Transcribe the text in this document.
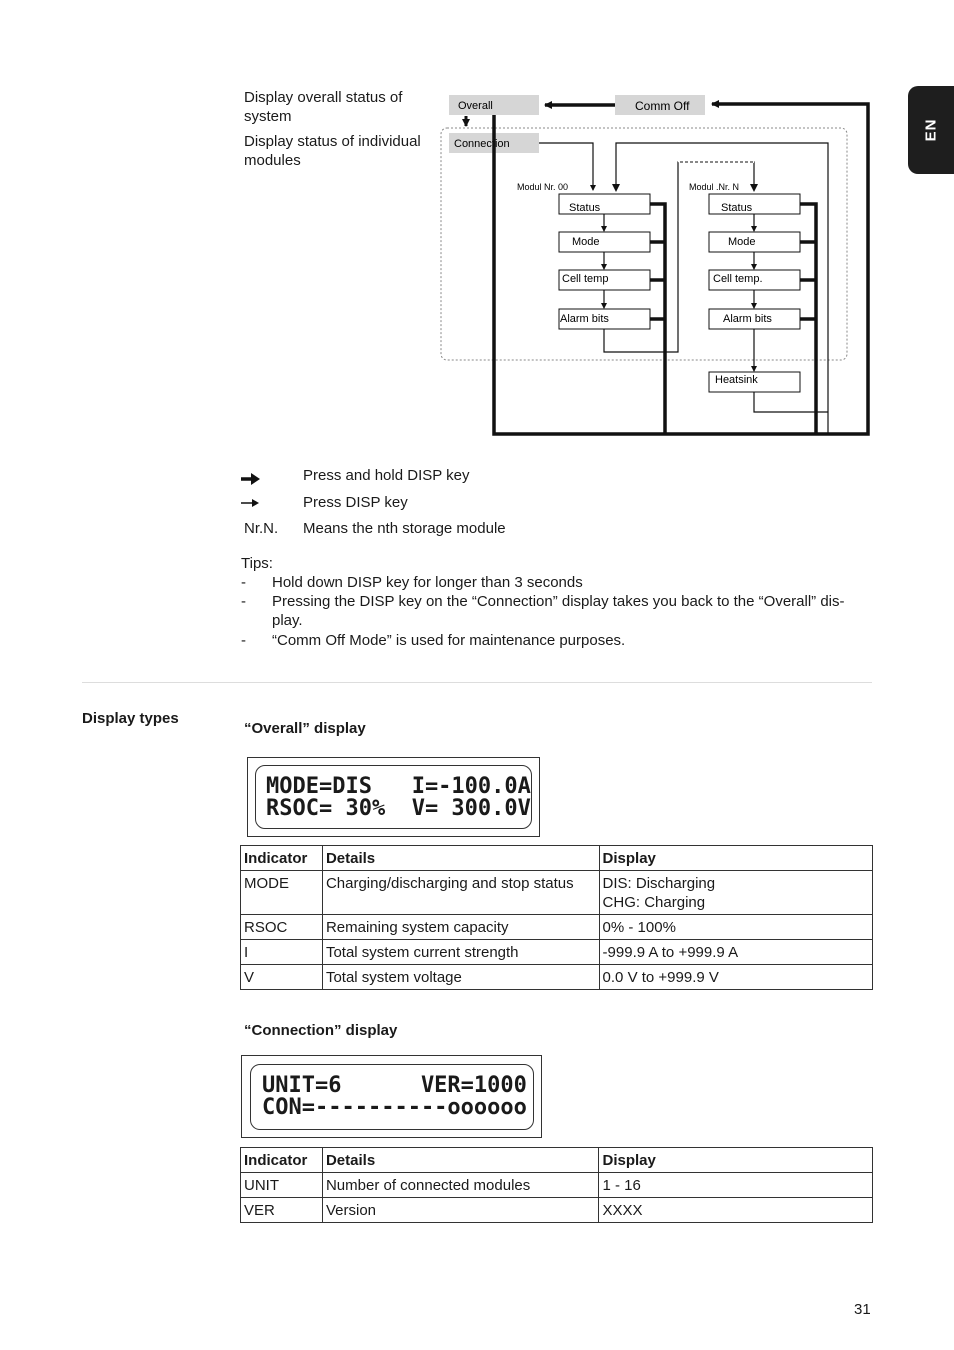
EN
Display overall status of system
Display status of individual modules
Overall	Comm Off
Connection
Modul Nr. 00
Status
Mode
Cell temp
Alarm bits
Modul .Nr. N
Status
Mode
Cell temp.
Alarm bits
Heatsink
Press and hold DISP key
Press DISP key
Nr.N. Means the nth storage module
Tips:
- Hold down DISP key for longer than 3 seconds
- Pressing the DISP key on the “Connection” display takes you back to the “Overall” dis-play.
- “Comm Off Mode” is used for maintenance purposes.
Display types
“Overall” display
MODE=DIS   I=-100.0A
RSOC= 30%  V= 300.0V
Indicator	Details	Display
MODE	Charging/discharging and stop status	DIS: Discharging
CHG: Charging
RSOC	Remaining system capacity	0% - 100%
I	Total system current strength	-999.9 A to +999.9 A
V	Total system voltage	0.0 V to +999.9 V
“Connection” display
UNIT=6      VER=1000
CON=----------oooooo
Indicator	Details	Display
UNIT	Number of connected modules	1 - 16
VER	Version	XXXX
31
